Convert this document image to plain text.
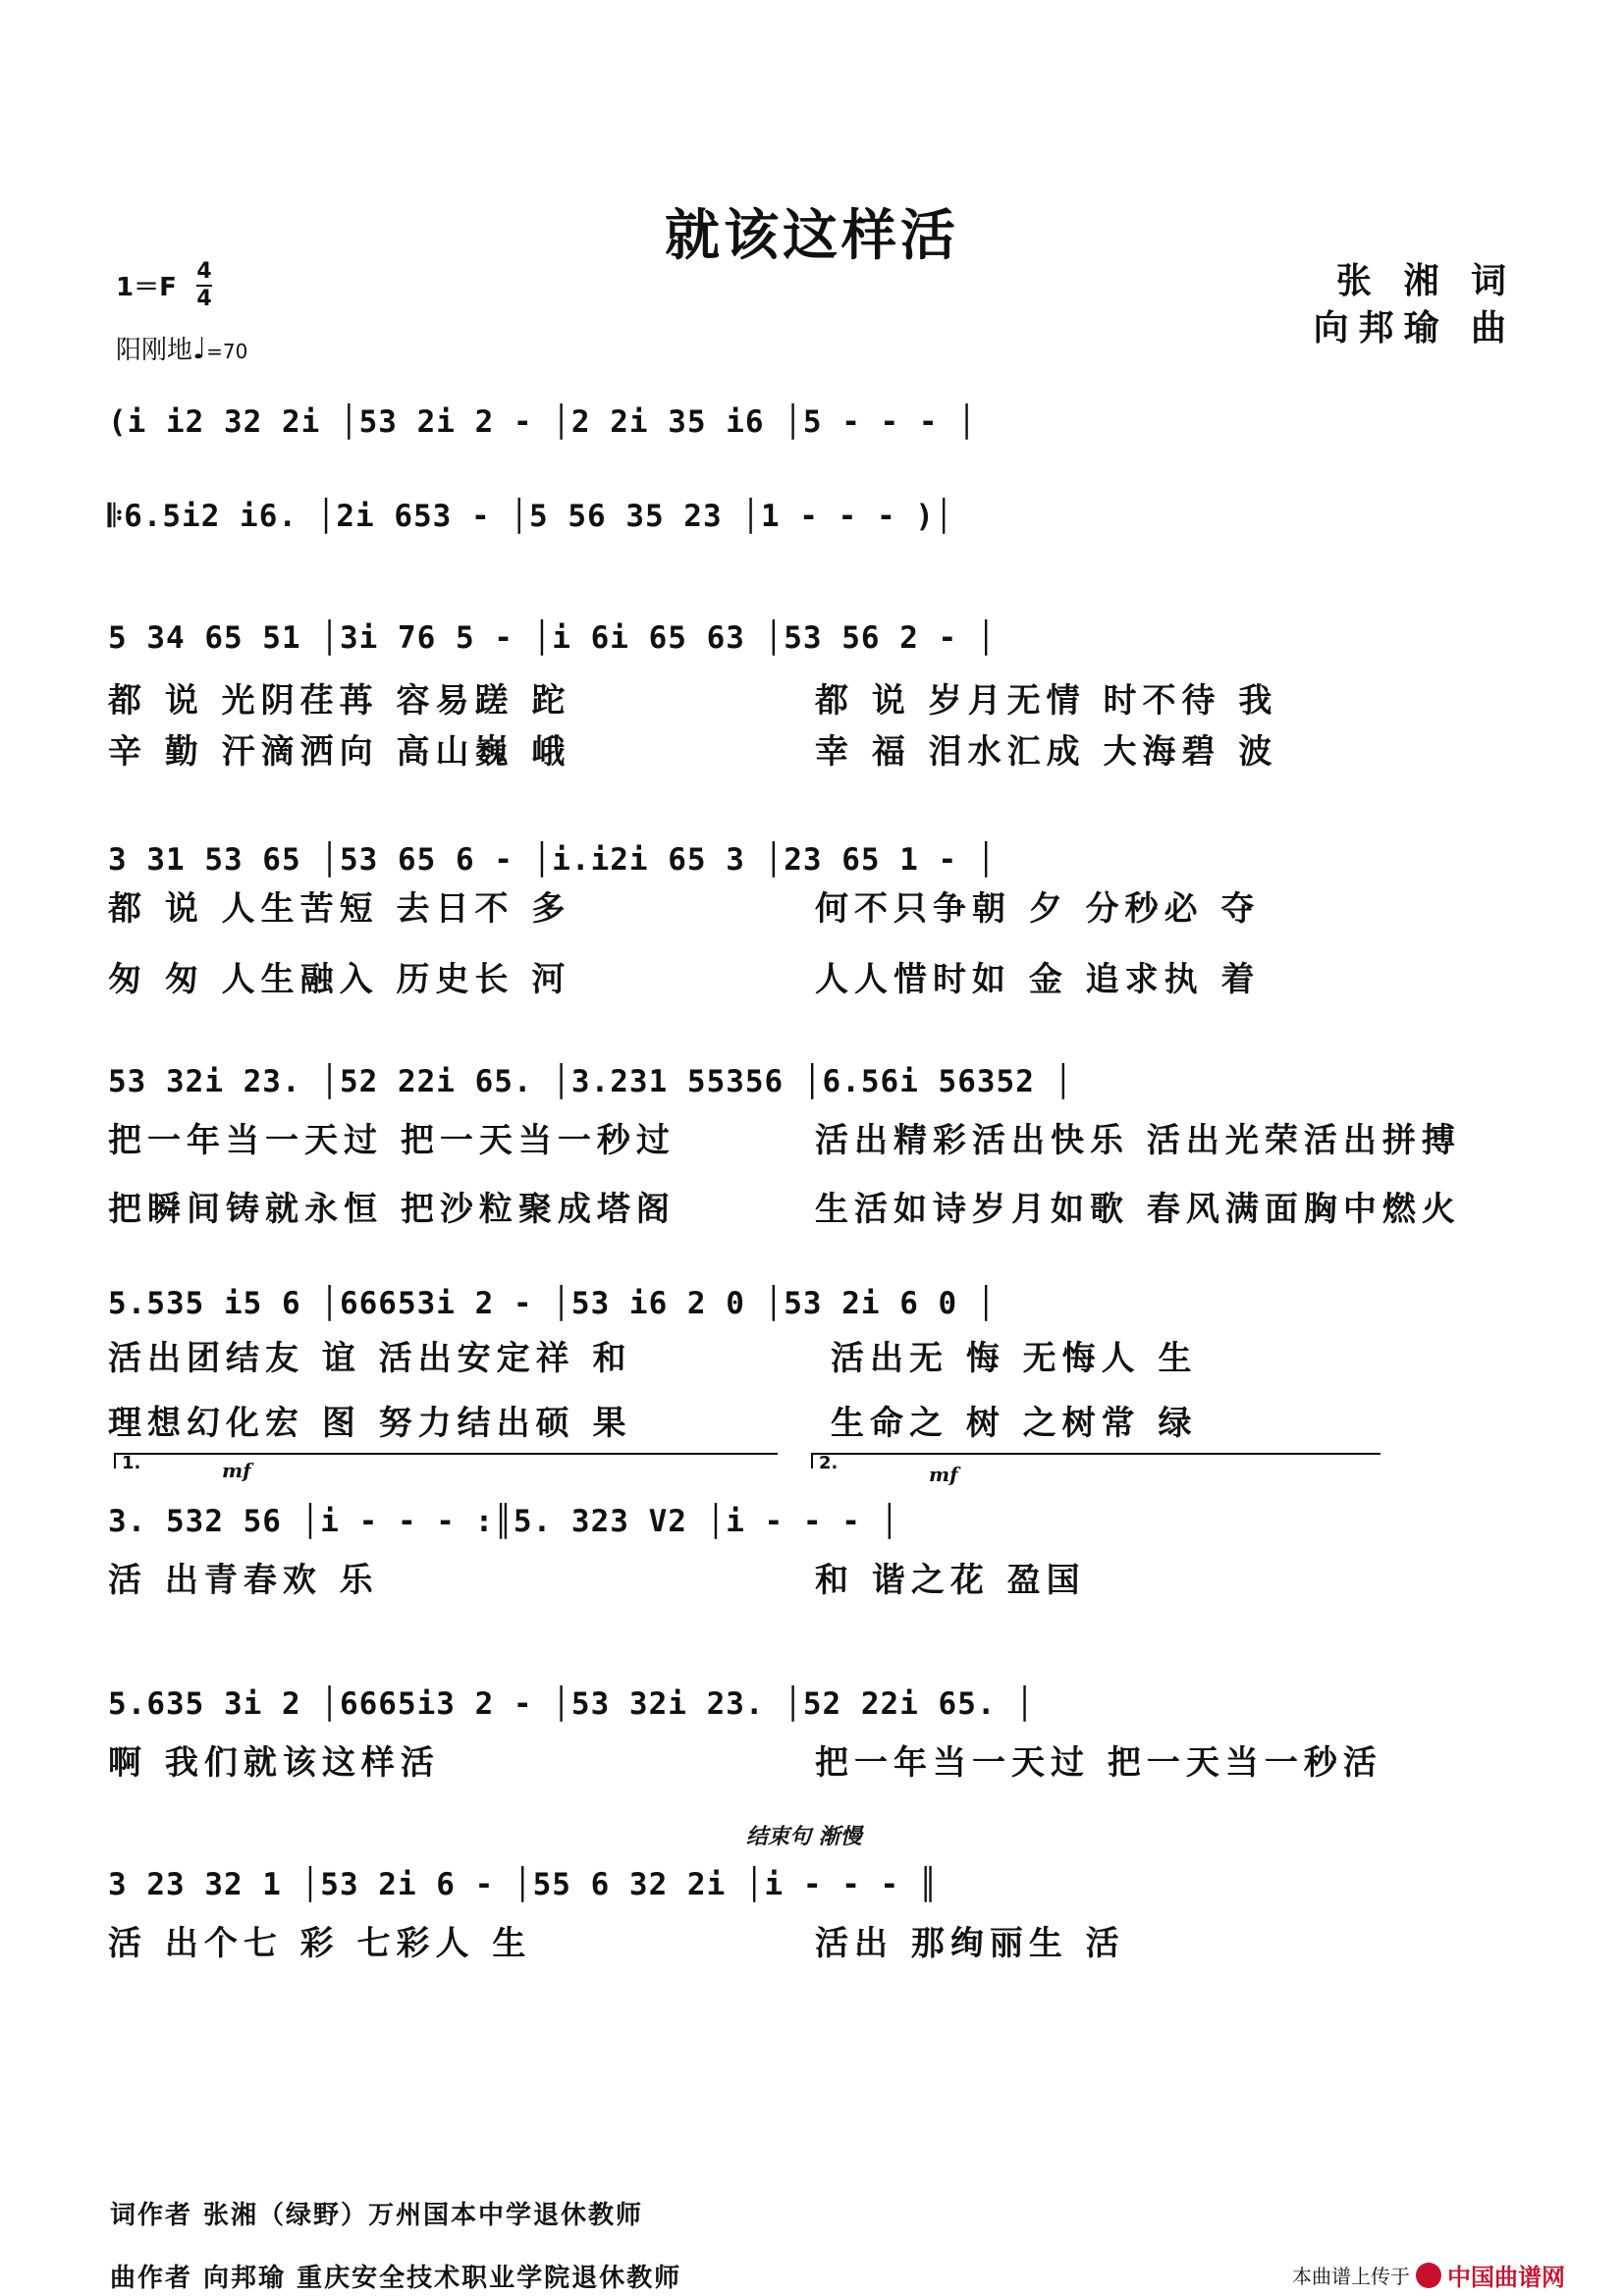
就该这样活
张 湘 词
向邦瑜 曲
1＝F
4
4
阳刚地♩=70
(i i2 32 2i │53 2i 2 - │2 2i 35 i6 │5 - - - │
𝄆6.5i2 i6. │2i 653 - │5 56 35 23 │1 - - - )│
5 34 65 51 │3i 76 5 - │i 6i 65 63 │53 56 2 - │
都 说 光阴荏苒 容易蹉 跎	都 说 岁月无情 时不待 我
辛 勤 汗滴洒向 高山巍 峨	幸 福 泪水汇成 大海碧 波
3 31 53 65 │53 65 6 - │i.i2i 65 3 │23 65 1 - │
都 说 人生苦短 去日不 多	何不只争朝 夕 分秒必 夺
匆 匆 人生融入 历史长 河	人人惜时如 金 追求执 着
53 32i 23. │52 22i 65. │3.231 55356 │6.56i 56352 │
把一年当一天过 把一天当一秒过	活出精彩活出快乐 活出光荣活出拼搏
把瞬间铸就永恒 把沙粒聚成塔阁	生活如诗岁月如歌 春风满面胸中燃火
5.535 i5 6 │66653i 2 - │53 i6 2 0 │53 2i 6 0 │
活出团结友 谊 活出安定祥 和	活出无 悔 无悔人 生
理想幻化宏 图 努力结出硕 果	生命之 树 之树常 绿
1.	2.
mf	mf
3. 532 56 │i - - - :║5. 323 V2 │i - - - │
活 出青春欢 乐	和 谐之花 盈国
5.635 3i 2 │6665i3 2 - │53 32i 23. │52 22i 65. │
啊 我们就该这样活	把一年当一天过 把一天当一秒活
结束句 渐慢
3 23 32 1 │53 2i 6 - │55 6 32 2i │i - - - ║
活 出个七 彩 七彩人 生	活出 那绚丽生 活
词作者 张湘（绿野）万州国本中学退休教师
曲作者 向邦瑜 重庆安全技术职业学院退休教师	本曲谱上传于 中国曲谱网
